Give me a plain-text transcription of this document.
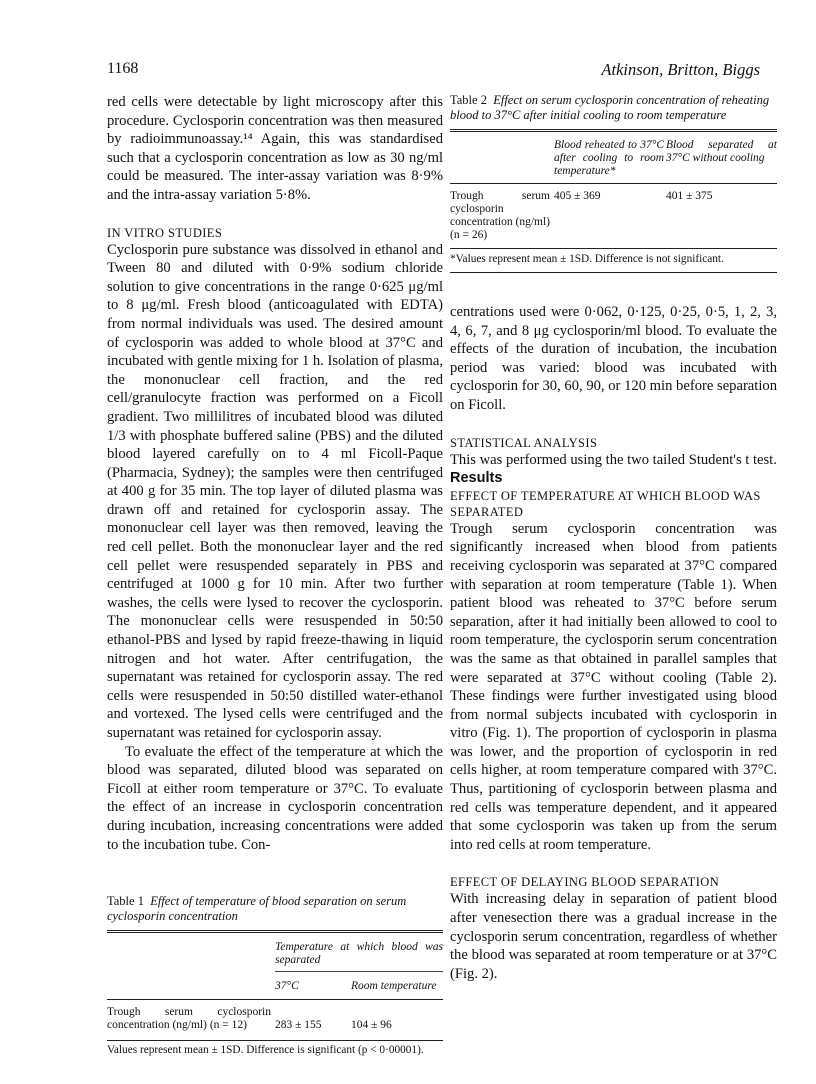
1168	Atkinson, Britton, Biggs

red cells were detectable by light microscopy after this procedure. Cyclosporin concentration was then measured by radioimmunoassay.¹⁴ Again, this was standardised such that a cyclosporin concentration as low as 30 ng/ml could be measured. The inter-assay variation was 8·9% and the intra-assay variation 5·8%.

IN VITRO STUDIES

Cyclosporin pure substance was dissolved in ethanol and Tween 80 and diluted with 0·9% sodium chloride solution to give concentrations in the range 0·625 μg/ml to 8 μg/ml. Fresh blood (anticoagulated with EDTA) from normal individuals was used. The desired amount of cyclosporin was added to whole blood at 37°C and incubated with gentle mixing for 1 h. Isolation of plasma, the mononuclear cell fraction, and the red cell/granulocyte fraction was performed on a Ficoll gradient. Two millilitres of incubated blood was diluted 1/3 with phosphate buffered saline (PBS) and the diluted blood layered carefully on to 4 ml Ficoll-Paque (Pharmacia, Sydney); the samples were then centrifuged at 400 g for 35 min. The top layer of diluted plasma was drawn off and retained for cyclosporin assay. The mononuclear cell layer was then removed, leaving the red cell pellet. Both the mononuclear layer and the red cell pellet were resuspended separately in PBS and centrifuged at 1000 g for 10 min. After two further washes, the cells were lysed to recover the cyclosporin. The mononuclear cells were resuspended in 50:50 ethanol-PBS and lysed by rapid freeze-thawing in liquid nitrogen and hot water. After centrifugation, the supernatant was retained for cyclosporin assay. The red cells were resuspended in 50:50 distilled water-ethanol and vortexed. The lysed cells were centrifuged and the supernatant was retained for cyclosporin assay.

To evaluate the effect of the temperature at which the blood was separated, diluted blood was separated on Ficoll at either room temperature or 37°C. To evaluate the effect of an increase in cyclosporin concentration during incubation, increasing concentrations were added to the incubation tube. Con-

Table 1 Effect of temperature of blood separation on serum cyclosporin concentration

	Temperature at which blood was separated	
	37°C	Room temperature
Trough serum cyclosporin concentration (ng/ml) (n = 12)	283 ± 155	104 ± 96

Values represent mean ± 1SD. Difference is significant (p < 0·00001).

Table 2 Effect on serum cyclosporin concentration of reheating blood to 37°C after initial cooling to room temperature

	Blood reheated to 37°C after cooling to room temperature*	Blood separated at 37°C without cooling
Trough serum cyclosporin concentration (ng/ml) (n = 26)	405 ± 369	401 ± 375

*Values represent mean ± 1SD. Difference is not significant.

centrations used were 0·062, 0·125, 0·25, 0·5, 1, 2, 3, 4, 6, 7, and 8 μg cyclosporin/ml blood. To evaluate the effects of the duration of incubation, the incubation period was varied: blood was incubated with cyclosporin for 30, 60, 90, or 120 min before separation on Ficoll.

STATISTICAL ANALYSIS

This was performed using the two tailed Student's t test.

Results

EFFECT OF TEMPERATURE AT WHICH BLOOD WAS SEPARATED

Trough serum cyclosporin concentration was significantly increased when blood from patients receiving cyclosporin was separated at 37°C compared with separation at room temperature (Table 1). When patient blood was reheated to 37°C before serum separation, after it had initially been allowed to cool to room temperature, the cyclosporin serum concentration was the same as that obtained in parallel samples that were separated at 37°C without cooling (Table 2). These findings were further investigated using blood from normal subjects incubated with cyclosporin in vitro (Fig. 1). The proportion of cyclosporin in plasma was lower, and the proportion of cyclosporin in red cells higher, at room temperature compared with 37°C. Thus, partitioning of cyclosporin between plasma and red cells was temperature dependent, and it appeared that some cyclosporin was taken up from the serum into red cells at room temperature.

EFFECT OF DELAYING BLOOD SEPARATION

With increasing delay in separation of patient blood after venesection there was a gradual increase in the cyclosporin serum concentration, regardless of whether the blood was separated at room temperature or at 37°C (Fig. 2).
